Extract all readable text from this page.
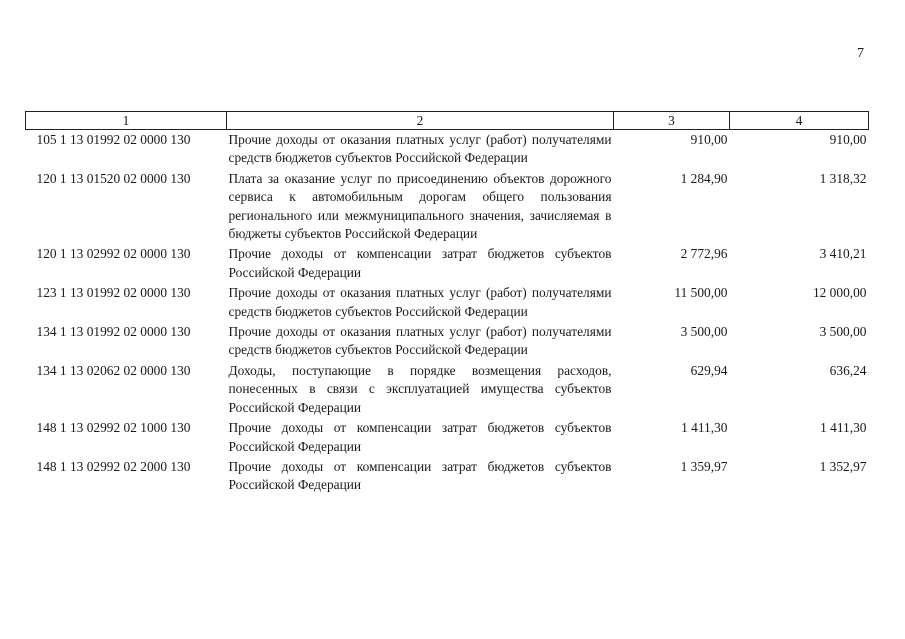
7
1	2	3	4
105 1 13 01992 02 0000 130	Прочие доходы от оказания платных услуг (работ) получателями средств бюджетов субъектов Российской Федерации	910,00	910,00
120 1 13 01520 02 0000 130	Плата за оказание услуг по присоединению объектов дорожного сервиса к автомобильным дорогам общего пользования регионального или межмуниципального значения, зачисляемая в бюджеты субъектов Российской Федерации	1 284,90	1 318,32
120 1 13 02992 02 0000 130	Прочие доходы от компенсации затрат бюджетов субъектов Российской Федерации	2 772,96	3 410,21
123 1 13 01992 02 0000 130	Прочие доходы от оказания платных услуг (работ) получателями средств бюджетов субъектов Российской Федерации	11 500,00	12 000,00
134 1 13 01992 02 0000 130	Прочие доходы от оказания платных услуг (работ) получателями средств бюджетов субъектов Российской Федерации	3 500,00	3 500,00
134 1 13 02062 02 0000 130	Доходы, поступающие в порядке возмещения расходов, понесенных в связи с эксплуатацией имущества субъектов Российской Федерации	629,94	636,24
148 1 13 02992 02 1000 130	Прочие доходы от компенсации затрат бюджетов субъектов Российской Федерации	1 411,30	1 411,30
148 1 13 02992 02 2000 130	Прочие доходы от компенсации затрат бюджетов субъектов Российской Федерации	1 359,97	1 352,97
